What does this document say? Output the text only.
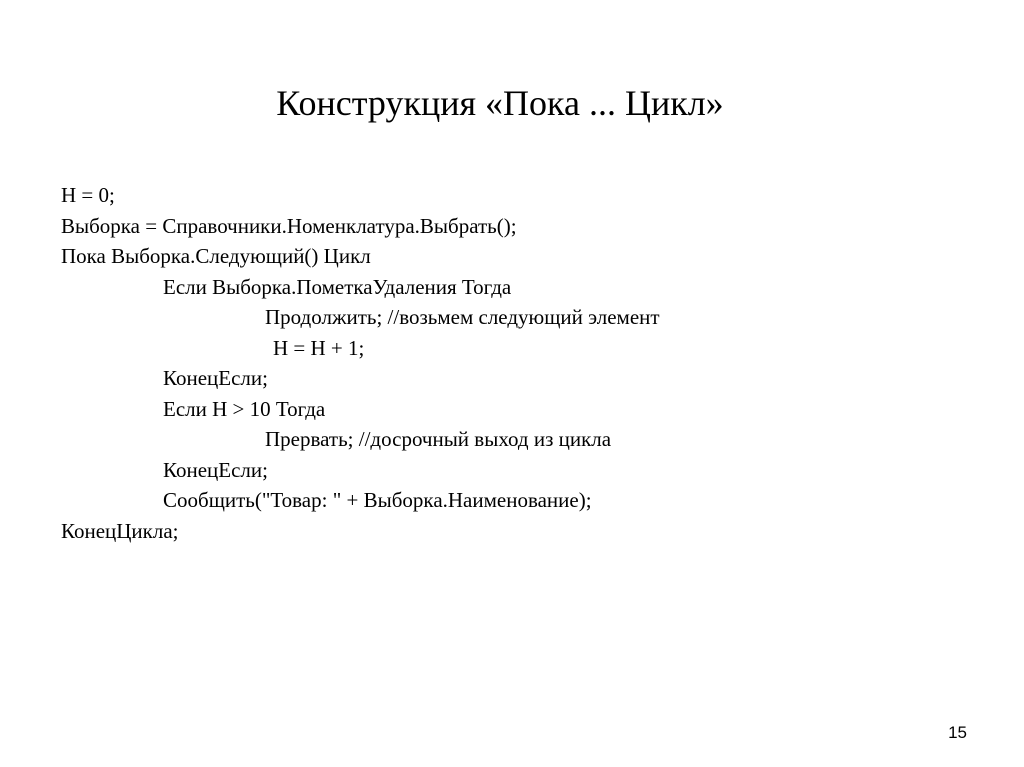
Конструкция «Пока ... Цикл»
Н = 0;
Выборка = Справочники.Номенклатура.Выбрать();
Пока Выборка.Следующий() Цикл
Если Выборка.ПометкаУдаления Тогда
Продолжить; //возьмем следующий элемент
Н = Н + 1;
КонецЕсли;
Если Н > 10 Тогда
Прервать; //досрочный выход из цикла
КонецЕсли;
Сообщить("Товар: " + Выборка.Наименование);
КонецЦикла;
15
